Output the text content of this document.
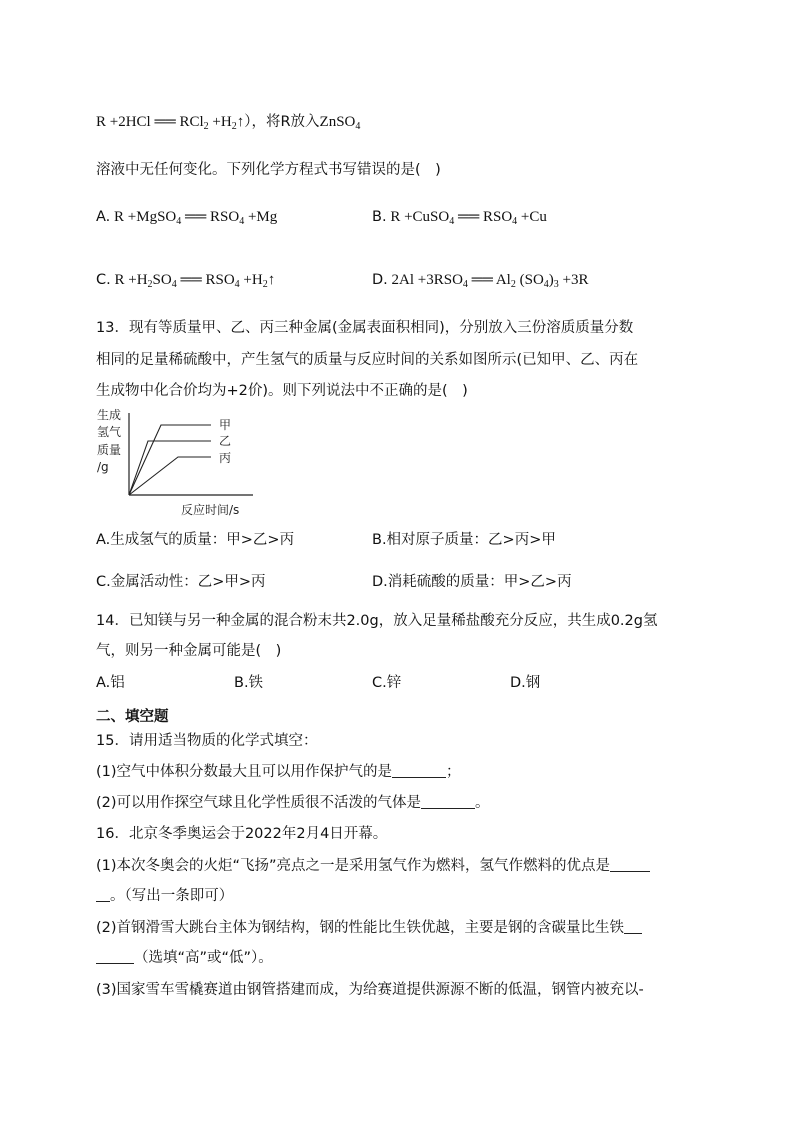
R +2HCl ══ $RCl_2 +H_2↑$），将R放入ZnSO$_4$
溶液中无任何变化。下列化学方程式书写错误的是(　)
A. R +MgSO$_4$ ══ $RSO_4 +Mg$	B. R +CuSO$_4$ ══ $RSO_4 +Cu$
C. $R +H_2SO_4$ ══ $RSO_4$ $+H_2↑$	D. $2Al +3RSO_4$ ══ $Al_2$ $(SO_4)_3 +3R$
13．现有等质量甲、乙、丙三种金属(金属表面积相同)，分别放入三份溶质质量分数
相同的足量稀硫酸中，产生氢气的质量与反应时间的关系如图所示(已知甲、乙、丙在
生成物中化合价均为+2价)。则下列说法中不正确的是(　)
生成
氢气
质量
/g
甲
乙
丙
反应时间/s
A.生成氢气的质量：甲>乙>丙	B.相对原子质量：乙>丙>甲
C.金属活动性：乙>甲>丙	D.消耗硫酸的质量：甲>乙>丙
14．已知镁与另一种金属的混合粉末共2.0g，放入足量稀盐酸充分反应，共生成0.2g氢
气，则另一种金属可能是(　)
A.铝	B.铁	C.锌	D.钢
二、填空题
15．请用适当物质的化学式填空：
(1)空气中体积分数最大且可以用作保护气的是	；
(2)可以用作探空气球且化学性质很不活泼的气体是	。
16．北京冬季奥运会于2022年2月4日开幕。
(1)本次冬奥会的火炬“飞扬”亮点之一是采用氢气作为燃料，氢气作燃料的优点是
。（写出一条即可）
(2)首钢滑雪大跳台主体为钢结构，钢的性能比生铁优越，主要是钢的含碳量比生铁
（选填“高”或“低”）。
(3)国家雪车雪橇赛道由钢管搭建而成，为给赛道提供源源不断的低温，钢管内被充以-
